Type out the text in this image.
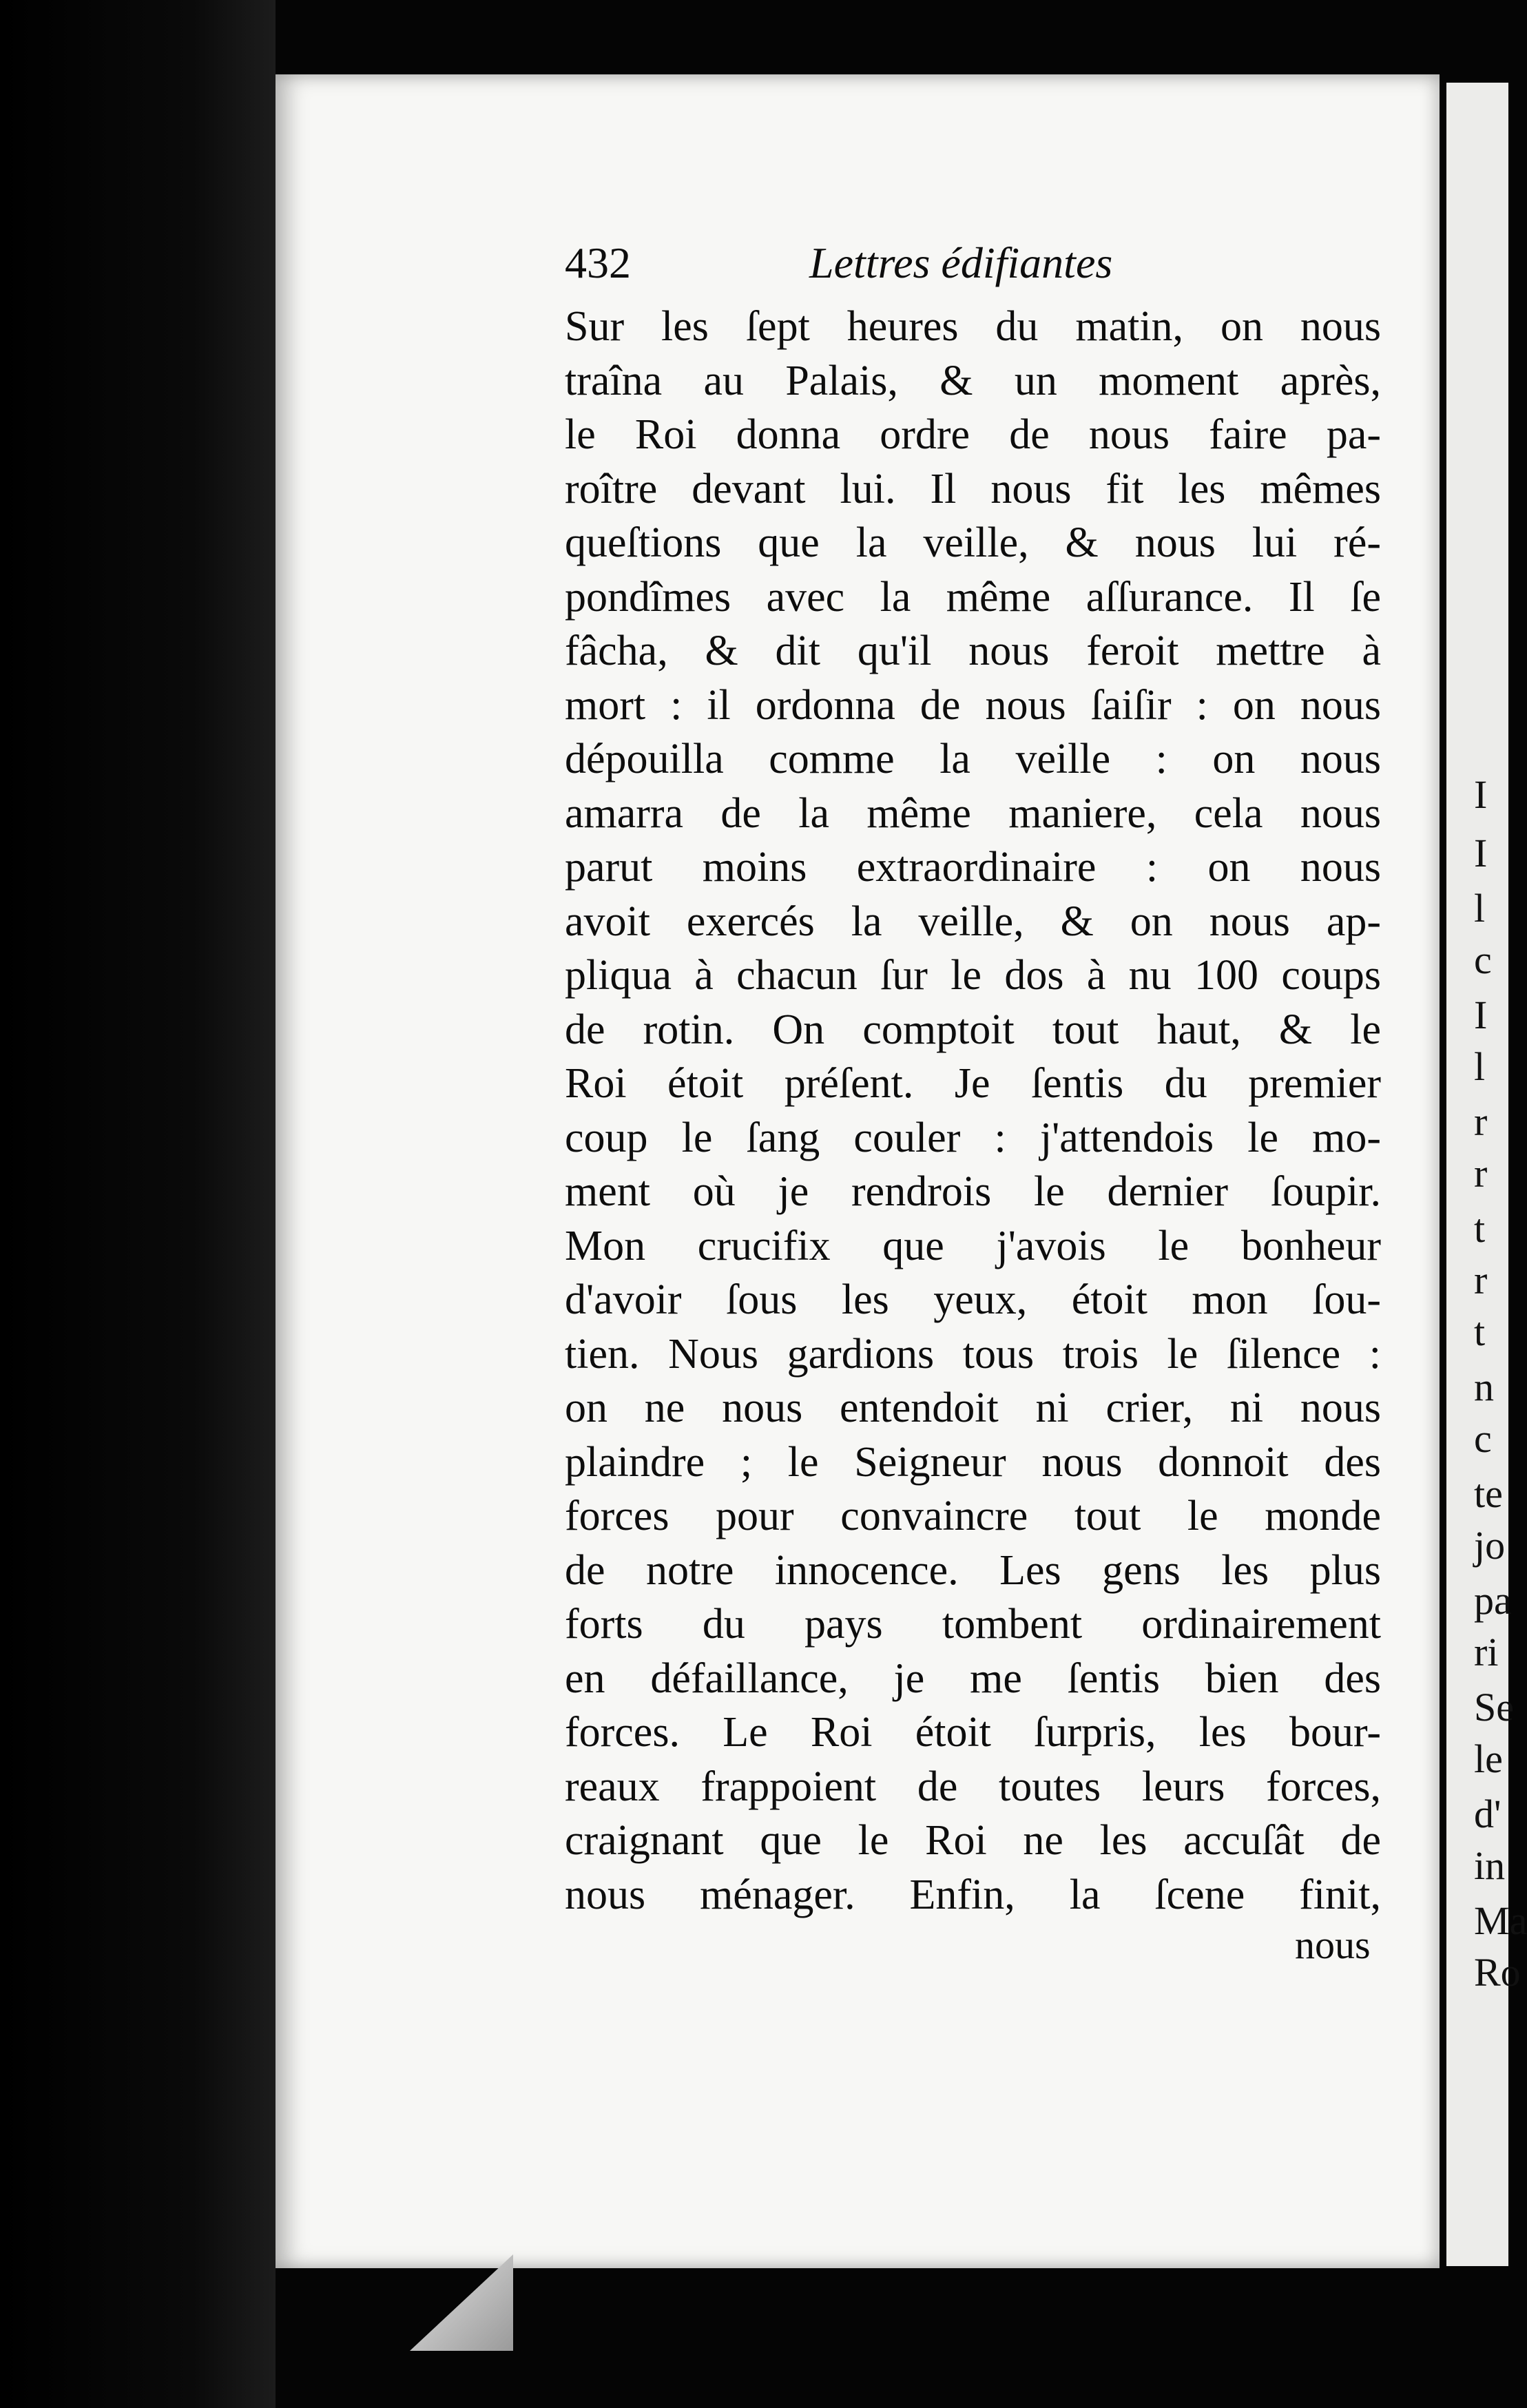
I
I
l
c
I
l
r
r
t
r
t
n
c
te
jo
pa
ri
Se
le
d'
in
Ma
Ro
432	Lettres édifiantes
Sur les ſept heures du matin, on nous
traîna au Palais, & un moment après,
le Roi donna ordre de nous faire pa-
roître devant lui. Il nous fit les mêmes
queſtions que la veille, & nous lui ré-
pondîmes avec la même aſſurance. Il ſe
fâcha, & dit qu'il nous feroit mettre à
mort : il ordonna de nous ſaiſir : on nous
dépouilla comme la veille : on nous
amarra de la même maniere, cela nous
parut moins extraordinaire : on nous
avoit exercés la veille, & on nous ap-
pliqua à chacun ſur le dos à nu 100 coups
de rotin. On comptoit tout haut, & le
Roi étoit préſent. Je ſentis du premier
coup le ſang couler : j'attendois le mo-
ment où je rendrois le dernier ſoupir.
Mon crucifix que j'avois le bonheur
d'avoir ſous les yeux, étoit mon ſou-
tien. Nous gardions tous trois le ſilence :
on ne nous entendoit ni crier, ni nous
plaindre ; le Seigneur nous donnoit des
forces pour convaincre tout le monde
de notre innocence. Les gens les plus
forts du pays tombent ordinairement
en défaillance, je me ſentis bien des
forces. Le Roi étoit ſurpris, les bour-
reaux frappoient de toutes leurs forces,
craignant que le Roi ne les accuſât de
nous ménager. Enfin, la ſcene finit,
nous
